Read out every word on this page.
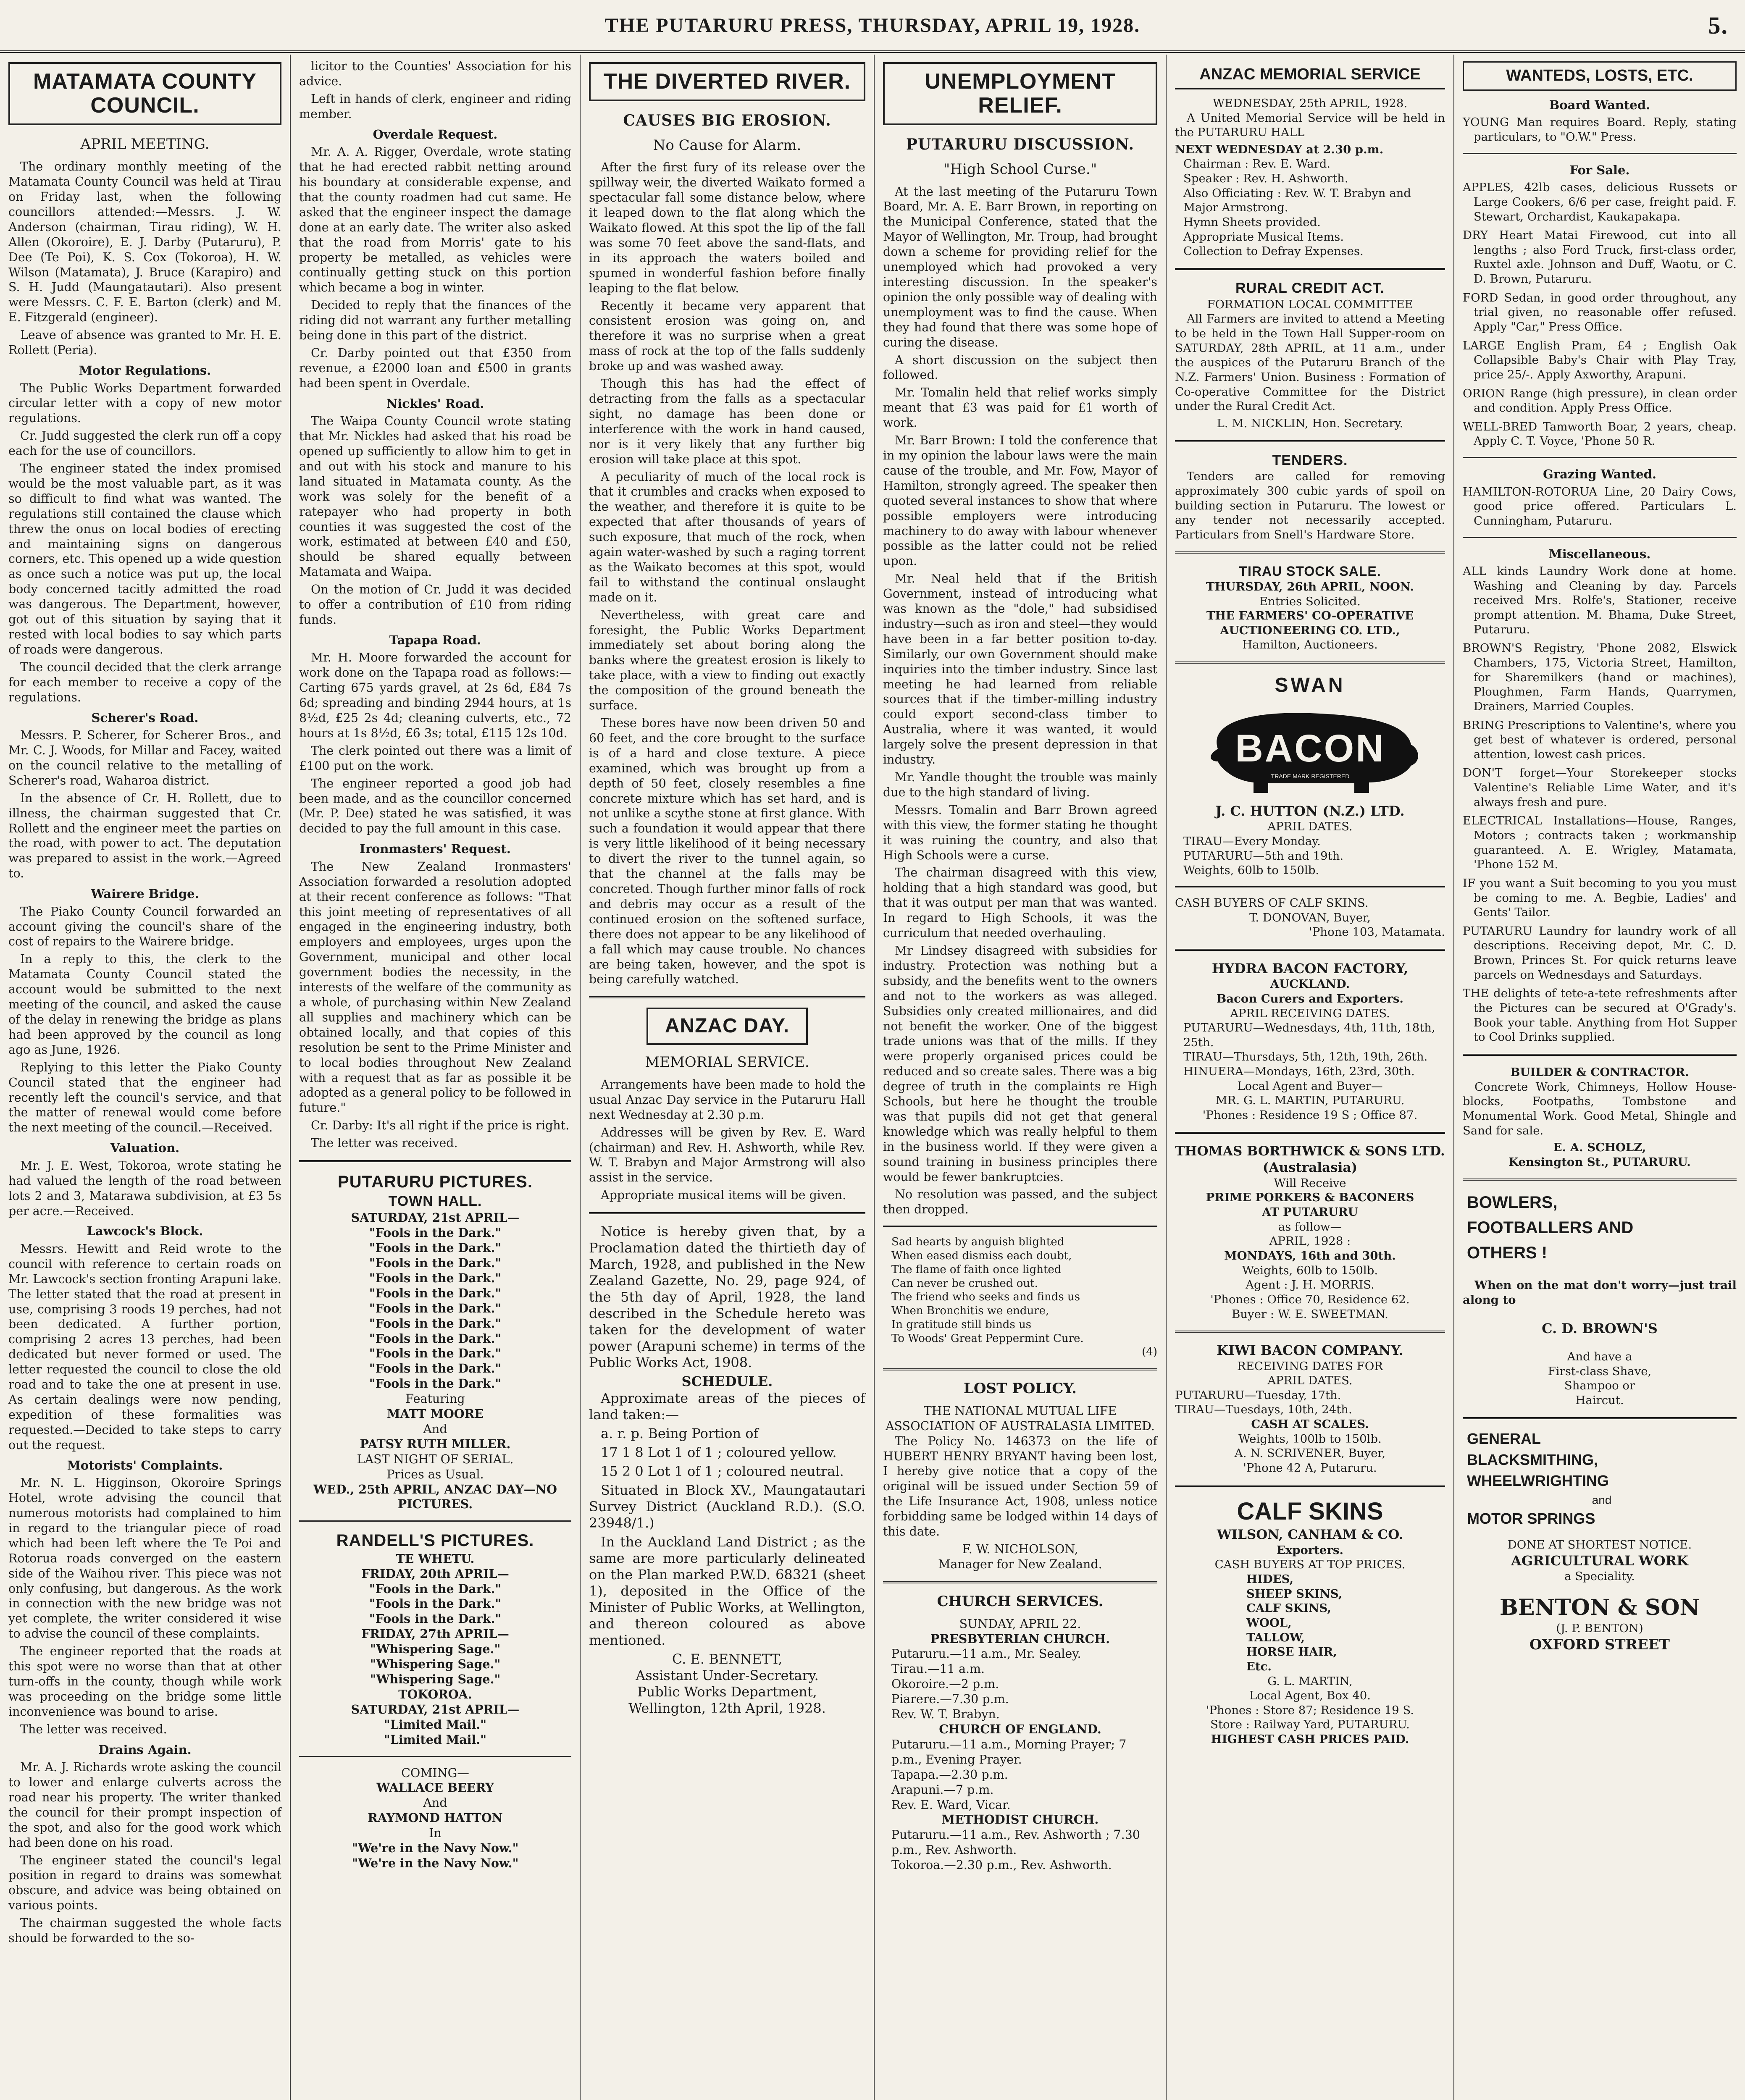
THE PUTARURU PRESS, THURSDAY, APRIL 19, 1928.	5.
MATAMATA COUNTY COUNCIL.
APRIL MEETING.

The ordinary monthly meeting of the Matamata County Council was held at Tirau on Friday last, when the following councillors attended:—Messrs. J. W. Anderson (chairman, Tirau riding), W. H. Allen (Okoroire), E. J. Darby (Putaruru), P. Dee (Te Poi), K. S. Cox (Tokoroa), H. W. Wilson (Matamata), J. Bruce (Karapiro) and S. H. Judd (Maungatautari). Also present were Messrs. C. F. E. Barton (clerk) and M. E. Fitzgerald (engineer).

Leave of absence was granted to Mr. H. E. Rollett (Peria).

Motor Regulations.

The Public Works Department forwarded circular letter with a copy of new motor regulations.

Cr. Judd suggested the clerk run off a copy each for the use of councillors.

The engineer stated the index promised would be the most valuable part, as it was so difficult to find what was wanted. The regulations still contained the clause which threw the onus on local bodies of erecting and maintaining signs on dangerous corners, etc. This opened up a wide question as once such a notice was put up, the local body concerned tacitly admitted the road was dangerous. The Department, however, got out of this situation by saying that it rested with local bodies to say which parts of roads were dangerous.

The council decided that the clerk arrange for each member to receive a copy of the regulations.

Scherer's Road.

Messrs. P. Scherer, for Scherer Bros., and Mr. C. J. Woods, for Millar and Facey, waited on the council relative to the metalling of Scherer's road, Waharoa district.

In the absence of Cr. H. Rollett, due to illness, the chairman suggested that Cr. Rollett and the engineer meet the parties on the road, with power to act. The deputation was prepared to assist in the work.—Agreed to.

Wairere Bridge.

The Piako County Council forwarded an account giving the council's share of the cost of repairs to the Wairere bridge.

In a reply to this, the clerk to the Matamata County Council stated the account would be submitted to the next meeting of the council, and asked the cause of the delay in renewing the bridge as plans had been approved by the council as long ago as June, 1926.

Replying to this letter the Piako County Council stated that the engineer had recently left the council's service, and that the matter of renewal would come before the next meeting of the council.—Received.

Valuation.

Mr. J. E. West, Tokoroa, wrote stating he had valued the length of the road between lots 2 and 3, Matarawa subdivision, at £3 5s per acre.—Received.

Lawcock's Block.

Messrs. Hewitt and Reid wrote to the council with reference to certain roads on Mr. Lawcock's section fronting Arapuni lake. The letter stated that the road at present in use, comprising 3 roods 19 perches, had not been dedicated. A further portion, comprising 2 acres 13 perches, had been dedicated but never formed or used. The letter requested the council to close the old road and to take the one at present in use. As certain dealings were now pending, expedition of these formalities was requested.—Decided to take steps to carry out the request.

Motorists' Complaints.

Mr. N. L. Higginson, Okoroire Springs Hotel, wrote advising the council that numerous motorists had complained to him in regard to the triangular piece of road which had been left where the Te Poi and Rotorua roads converged on the eastern side of the Waihou river. This piece was not only confusing, but dangerous. As the work in connection with the new bridge was not yet complete, the writer considered it wise to advise the council of these complaints.

The engineer reported that the roads at this spot were no worse than that at other turn-offs in the county, though while work was proceeding on the bridge some little inconvenience was bound to arise.

The letter was received.

Drains Again.

Mr. A. J. Richards wrote asking the council to lower and enlarge culverts across the road near his property. The writer thanked the council for their prompt inspection of the spot, and also for the good work which had been done on his road.

The engineer stated the council's legal position in regard to drains was somewhat obscure, and advice was being obtained on various points.

The chairman suggested the whole facts should be forwarded to the so-

licitor to the Counties' Association for his advice.

Left in hands of clerk, engineer and riding member.

Overdale Request.

Mr. A. A. Rigger, Overdale, wrote stating that he had erected rabbit netting around his boundary at considerable expense, and that the county roadmen had cut same. He asked that the engineer inspect the damage done at an early date. The writer also asked that the road from Morris' gate to his property be metalled, as vehicles were continually getting stuck on this portion which became a bog in winter.

Decided to reply that the finances of the riding did not warrant any further metalling being done in this part of the district.

Cr. Darby pointed out that £350 from revenue, a £2000 loan and £500 in grants had been spent in Overdale.

Nickles' Road.

The Waipa County Council wrote stating that Mr. Nickles had asked that his road be opened up sufficiently to allow him to get in and out with his stock and manure to his land situated in Matamata county. As the work was solely for the benefit of a ratepayer who had property in both counties it was suggested the cost of the work, estimated at between £40 and £50, should be shared equally between Matamata and Waipa.

On the motion of Cr. Judd it was decided to offer a contribution of £10 from riding funds.

Tapapa Road.

Mr. H. Moore forwarded the account for work done on the Tapapa road as follows:—Carting 675 yards gravel, at 2s 6d, £84 7s 6d; spreading and binding 2944 hours, at 1s 8½d, £25 2s 4d; cleaning culverts, etc., 72 hours at 1s 8½d, £6 3s; total, £115 12s 10d.

The clerk pointed out there was a limit of £100 put on the work.

The engineer reported a good job had been made, and as the councillor concerned (Mr. P. Dee) stated he was satisfied, it was decided to pay the full amount in this case.

Ironmasters' Request.

The New Zealand Ironmasters' Association forwarded a resolution adopted at their recent conference as follows: "That this joint meeting of representatives of all engaged in the engineering industry, both employers and employees, urges upon the Government, municipal and other local government bodies the necessity, in the interests of the welfare of the community as a whole, of purchasing within New Zealand all supplies and machinery which can be obtained locally, and that copies of this resolution be sent to the Prime Minister and to local bodies throughout New Zealand with a request that as far as possible it be adopted as a general policy to be followed in future."

Cr. Darby: It's all right if the price is right.

The letter was received.

PUTARURU PICTURES.
TOWN HALL.
SATURDAY, 21st APRIL—
"Fools in the Dark."
"Fools in the Dark."
"Fools in the Dark."
"Fools in the Dark."
"Fools in the Dark."
"Fools in the Dark."
"Fools in the Dark."
"Fools in the Dark."
"Fools in the Dark."
"Fools in the Dark."
"Fools in the Dark."
Featuring
MATT MOORE
And
PATSY RUTH MILLER.
LAST NIGHT OF SERIAL.
Prices as Usual.
WED., 25th APRIL, ANZAC DAY—NO PICTURES.
RANDELL'S PICTURES.
TE WHETU.
FRIDAY, 20th APRIL—
"Fools in the Dark."
"Fools in the Dark."
"Fools in the Dark."
FRIDAY, 27th APRIL—
"Whispering Sage."
"Whispering Sage."
"Whispering Sage."
TOKOROA.
SATURDAY, 21st APRIL—
"Limited Mail."
"Limited Mail."
COMING—
WALLACE BEERY
And
RAYMOND HATTON
In
"We're in the Navy Now."
"We're in the Navy Now."
THE DIVERTED RIVER.
CAUSES BIG EROSION.
No Cause for Alarm.

After the first fury of its release over the spillway weir, the diverted Waikato formed a spectacular fall some distance below, where it leaped down to the flat along which the Waikato flowed. At this spot the lip of the fall was some 70 feet above the sand-flats, and in its approach the waters boiled and spumed in wonderful fashion before finally leaping to the flat below.

Recently it became very apparent that consistent erosion was going on, and therefore it was no surprise when a great mass of rock at the top of the falls suddenly broke up and was washed away.

Though this has had the effect of detracting from the falls as a spectacular sight, no damage has been done or interference with the work in hand caused, nor is it very likely that any further big erosion will take place at this spot.

A peculiarity of much of the local rock is that it crumbles and cracks when exposed to the weather, and therefore it is quite to be expected that after thousands of years of such exposure, that much of the rock, when again water-washed by such a raging torrent as the Waikato becomes at this spot, would fail to withstand the continual onslaught made on it.

Nevertheless, with great care and foresight, the Public Works Department immediately set about boring along the banks where the greatest erosion is likely to take place, with a view to finding out exactly the composition of the ground beneath the surface.

These bores have now been driven 50 and 60 feet, and the core brought to the surface is of a hard and close texture. A piece examined, which was brought up from a depth of 50 feet, closely resembles a fine concrete mixture which has set hard, and is not unlike a scythe stone at first glance. With such a foundation it would appear that there is very little likelihood of it being necessary to divert the river to the tunnel again, so that the channel at the falls may be concreted. Though further minor falls of rock and debris may occur as a result of the continued erosion on the softened surface, there does not appear to be any likelihood of a fall which may cause trouble. No chances are being taken, however, and the spot is being carefully watched.

ANZAC DAY.
MEMORIAL SERVICE.

Arrangements have been made to hold the usual Anzac Day service in the Putaruru Hall next Wednesday at 2.30 p.m.

Addresses will be given by Rev. E. Ward (chairman) and Rev. H. Ashworth, while Rev. W. T. Brabyn and Major Armstrong will also assist in the service.

Appropriate musical items will be given.

Notice is hereby given that, by a Proclamation dated the thirtieth day of March, 1928, and published in the New Zealand Gazette, No. 29, page 924, of the 5th day of April, 1928, the land described in the Schedule hereto was taken for the development of water power (Arapuni scheme) in terms of the Public Works Act, 1908.

SCHEDULE.

Approximate areas of the pieces of land taken:—

a. r. p. Being Portion of

17 1 8 Lot 1 of 1 ; coloured yellow.

15 2 0 Lot 1 of 1 ; coloured neutral.

Situated in Block XV., Maungatautari Survey District (Auckland R.D.). (S.O. 23948/1.)

In the Auckland Land District ; as the same are more particularly delineated on the Plan marked P.W.D. 68321 (sheet 1), deposited in the Office of the Minister of Public Works, at Wellington, and thereon coloured as above mentioned.

C. E. BENNETT,
Assistant Under-Secretary.
Public Works Department,
Wellington, 12th April, 1928.
UNEMPLOYMENT RELIEF.
PUTARURU DISCUSSION.
"High School Curse."

At the last meeting of the Putaruru Town Board, Mr. A. E. Barr Brown, in reporting on the Municipal Conference, stated that the Mayor of Wellington, Mr. Troup, had brought down a scheme for providing relief for the unemployed which had provoked a very interesting discussion. In the speaker's opinion the only possible way of dealing with unemployment was to find the cause. When they had found that there was some hope of curing the disease.

A short discussion on the subject then followed.

Mr. Tomalin held that relief works simply meant that £3 was paid for £1 worth of work.

Mr. Barr Brown: I told the conference that in my opinion the labour laws were the main cause of the trouble, and Mr. Fow, Mayor of Hamilton, strongly agreed. The speaker then quoted several instances to show that where possible employers were introducing machinery to do away with labour whenever possible as the latter could not be relied upon.

Mr. Neal held that if the British Government, instead of introducing what was known as the "dole," had subsidised industry—such as iron and steel—they would have been in a far better position to-day. Similarly, our own Government should make inquiries into the timber industry. Since last meeting he had learned from reliable sources that if the timber-milling industry could export second-class timber to Australia, where it was wanted, it would largely solve the present depression in that industry.

Mr. Yandle thought the trouble was mainly due to the high standard of living.

Messrs. Tomalin and Barr Brown agreed with this view, the former stating he thought it was ruining the country, and also that High Schools were a curse.

The chairman disagreed with this view, holding that a high standard was good, but that it was output per man that was wanted. In regard to High Schools, it was the curriculum that needed overhauling.

Mr Lindsey disagreed with subsidies for industry. Protection was nothing but a subsidy, and the benefits went to the owners and not to the workers as was alleged. Subsidies only created millionaires, and did not benefit the worker. One of the biggest trade unions was that of the mills. If they were properly organised prices could be reduced and so create sales. There was a big degree of truth in the complaints re High Schools, but here he thought the trouble was that pupils did not get that general knowledge which was really helpful to them in the business world. If they were given a sound training in business principles there would be fewer bankruptcies.

No resolution was passed, and the subject then dropped.

Sad hearts by anguish blighted
When eased dismiss each doubt,
The flame of faith once lighted
Can never be crushed out.
The friend who seeks and finds us
When Bronchitis we endure,
In gratitude still binds us
To Woods' Great Peppermint Cure.
(4)
LOST POLICY.
THE NATIONAL MUTUAL LIFE ASSOCIATION OF AUSTRALASIA LIMITED.

The Policy No. 146373 on the life of HUBERT HENRY BRYANT having been lost, I hereby give notice that a copy of the original will be issued under Section 59 of the Life Insurance Act, 1908, unless notice forbidding same be lodged within 14 days of this date.

F. W. NICHOLSON,
Manager for New Zealand.
CHURCH SERVICES.
SUNDAY, APRIL 22.
PRESBYTERIAN CHURCH.
Putaruru.—11 a.m., Mr. Sealey.
Tirau.—11 a.m.
Okoroire.—2 p.m.
Piarere.—7.30 p.m.
Rev. W. T. Brabyn.
CHURCH OF ENGLAND.
Putaruru.—11 a.m., Morning Prayer; 7 p.m., Evening Prayer.
Tapapa.—2.30 p.m.
Arapuni.—7 p.m.
Rev. E. Ward, Vicar.
METHODIST CHURCH.
Putaruru.—11 a.m., Rev. Ashworth ; 7.30 p.m., Rev. Ashworth.
Tokoroa.—2.30 p.m., Rev. Ashworth.
ANZAC MEMORIAL SERVICE
WEDNESDAY, 25th APRIL, 1928.

A United Memorial Service will be held in the PUTARURU HALL

NEXT WEDNESDAY at 2.30 p.m.
Chairman : Rev. E. Ward.
Speaker : Rev. H. Ashworth.
Also Officiating : Rev. W. T. Brabyn and Major Armstrong.
Hymn Sheets provided.
Appropriate Musical Items.
Collection to Defray Expenses.
RURAL CREDIT ACT.
FORMATION LOCAL COMMITTEE

All Farmers are invited to attend a Meeting to be held in the Town Hall Supper-room on SATURDAY, 28th APRIL, at 11 a.m., under the auspices of the Putaruru Branch of the N.Z. Farmers' Union. Business : Formation of Co-operative Committee for the District under the Rural Credit Act.

L. M. NICKLIN, Hon. Secretary.
TENDERS.

Tenders are called for removing approximately 300 cubic yards of spoil on building section in Putaruru. The lowest or any tender not necessarily accepted. Particulars from Snell's Hardware Store.

TIRAU STOCK SALE.
THURSDAY, 26th APRIL, NOON.
Entries Solicited.
THE FARMERS' CO-OPERATIVE AUCTIONEERING CO. LTD.,
Hamilton, Auctioneers.
SWAN
BACON
TRADE MARK REGISTERED
J. C. HUTTON (N.Z.) LTD.
APRIL DATES.
TIRAU—Every Monday.
PUTARURU—5th and 19th.
Weights, 60lb to 150lb.
CASH BUYERS OF CALF SKINS.
T. DONOVAN, Buyer,
'Phone 103, Matamata.
HYDRA BACON FACTORY,
AUCKLAND.
Bacon Curers and Exporters.
APRIL RECEIVING DATES.
PUTARURU—Wednesdays, 4th, 11th, 18th, 25th.
TIRAU—Thursdays, 5th, 12th, 19th, 26th.
HINUERA—Mondays, 16th, 23rd, 30th.
Local Agent and Buyer—
MR. G. L. MARTIN, PUTARURU.
'Phones : Residence 19 S ; Office 87.
THOMAS BORTHWICK & SONS LTD. (Australasia)
Will Receive
PRIME PORKERS & BACONERS
AT PUTARURU
as follow—
APRIL, 1928 :
MONDAYS, 16th and 30th.
Weights, 60lb to 150lb.
Agent : J. H. MORRIS.
'Phones : Office 70, Residence 62.
Buyer : W. E. SWEETMAN.
KIWI BACON COMPANY.
RECEIVING DATES FOR
APRIL DATES.
PUTARURU—Tuesday, 17th.
TIRAU—Tuesdays, 10th, 24th.
CASH AT SCALES.
Weights, 100lb to 150lb.
A. N. SCRIVENER, Buyer,
'Phone 42 A, Putaruru.
CALF SKINS
WILSON, CANHAM & CO.
Exporters.
CASH BUYERS AT TOP PRICES.
HIDES,
SHEEP SKINS,
CALF SKINS,
WOOL,
TALLOW,
HORSE HAIR,
Etc.
G. L. MARTIN,
Local Agent, Box 40.
'Phones : Store 87; Residence 19 S.
Store : Railway Yard, PUTARURU.
HIGHEST CASH PRICES PAID.
WANTEDS, LOSTS, ETC.
Board Wanted.

YOUNG Man requires Board. Reply, stating particulars, to "O.W." Press.

For Sale.

APPLES, 42lb cases, delicious Russets or Large Cookers, 6/6 per case, freight paid. F. Stewart, Orchardist, Kaukapakapa.

DRY Heart Matai Firewood, cut into all lengths ; also Ford Truck, first-class order, Ruxtel axle. Johnson and Duff, Waotu, or C. D. Brown, Putaruru.

FORD Sedan, in good order throughout, any trial given, no reasonable offer refused. Apply "Car," Press Office.

LARGE English Pram, £4 ; English Oak Collapsible Baby's Chair with Play Tray, price 25/-. Apply Axworthy, Arapuni.

ORION Range (high pressure), in clean order and condition. Apply Press Office.

WELL-BRED Tamworth Boar, 2 years, cheap. Apply C. T. Voyce, 'Phone 50 R.

Grazing Wanted.

HAMILTON-ROTORUA Line, 20 Dairy Cows, good price offered. Particulars L. Cunningham, Putaruru.

Miscellaneous.

ALL kinds Laundry Work done at home. Washing and Cleaning by day. Parcels received Mrs. Rolfe's, Stationer, receive prompt attention. M. Bhama, Duke Street, Putaruru.

BROWN'S Registry, 'Phone 2082, Elswick Chambers, 175, Victoria Street, Hamilton, for Sharemilkers (hand or machines), Ploughmen, Farm Hands, Quarrymen, Drainers, Married Couples.

BRING Prescriptions to Valentine's, where you get best of whatever is ordered, personal attention, lowest cash prices.

DON'T forget—Your Storekeeper stocks Valentine's Reliable Lime Water, and it's always fresh and pure.

ELECTRICAL Installations—House, Ranges, Motors ; contracts taken ; workmanship guaranteed. A. E. Wrigley, Matamata, 'Phone 152 M.

IF you want a Suit becoming to you you must be coming to me. A. Begbie, Ladies' and Gents' Tailor.

PUTARURU Laundry for laundry work of all descriptions. Receiving depot, Mr. C. D. Brown, Princes St. For quick returns leave parcels on Wednesdays and Saturdays.

THE delights of tete-a-tete refreshments after the Pictures can be secured at O'Grady's. Book your table. Anything from Hot Supper to Cool Drinks supplied.

BUILDER & CONTRACTOR.

Concrete Work, Chimneys, Hollow House-blocks, Footpaths, Tombstone and Monumental Work. Good Metal, Shingle and Sand for sale.

E. A. SCHOLZ,
Kensington St., PUTARURU.
BOWLERS,
FOOTBALLERS AND
OTHERS !

When on the mat don't worry—just trail along to

C. D. BROWN'S
And have a
First-class Shave,
Shampoo or
Haircut.
GENERAL
BLACKSMITHING,
WHEELWRIGHTING
and
MOTOR SPRINGS
DONE AT SHORTEST NOTICE.
AGRICULTURAL WORK
a Speciality.
BENTON & SON
(J. P. BENTON)
OXFORD STREET
